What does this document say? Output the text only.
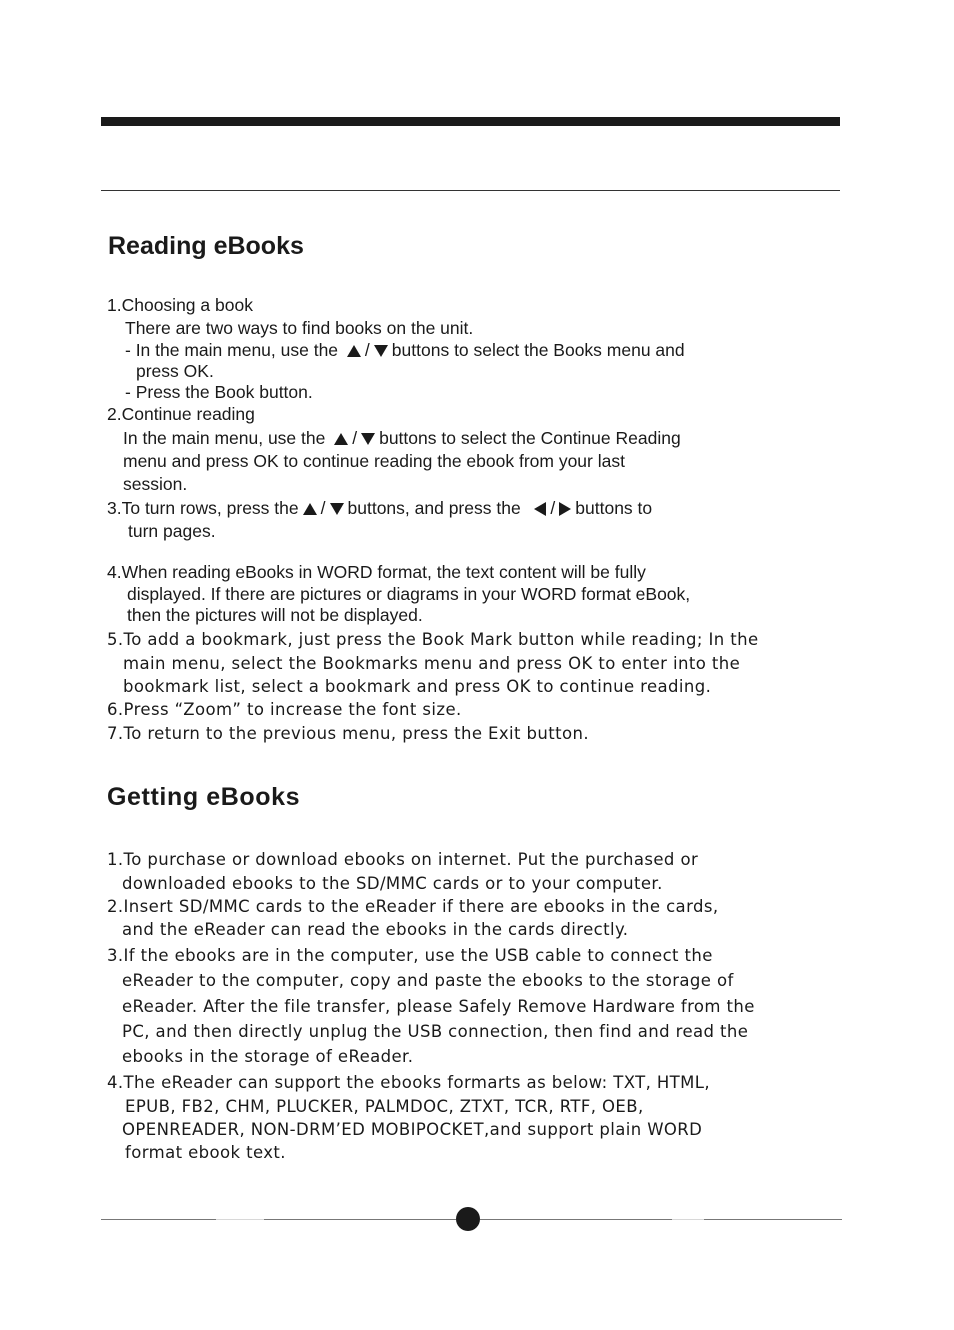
Reading eBooks
1.Choosing a book
There are two ways to find books on the unit.
- In the main menu, use the / buttons to select the Books menu and
press OK.
- Press the Book button.
2.Continue reading
In the main menu, use the / buttons to select the Continue Reading
menu and press OK to continue reading the ebook from your last
session.
3.To turn rows, press the / buttons, and press the / buttons to
turn pages.
4.When reading eBooks in WORD format, the text content will be fully
displayed. If there are pictures or diagrams in your WORD format eBook,
then the pictures will not be displayed.
5.To add a bookmark, just press the Book Mark button while reading; In the
main menu, select the Bookmarks menu and press OK to enter into the
bookmark list, select a bookmark and press OK to continue reading.
6.Press “Zoom” to increase the font size.
7.To return to the previous menu, press the Exit button.
Getting eBooks
1.To purchase or download ebooks on internet. Put the purchased or
downloaded ebooks to the SD/MMC cards or to your computer.
2.Insert SD/MMC cards to the eReader if there are ebooks in the cards,
and the eReader can read the ebooks in the cards directly.
3.If the ebooks are in the computer, use the USB cable to connect the
eReader to the computer, copy and paste the ebooks to the storage of
eReader. After the file transfer, please Safely Remove Hardware from the
PC, and then directly unplug the USB connection, then find and read the
ebooks in the storage of eReader.
4.The eReader can support the ebooks formarts as below: TXT, HTML,
EPUB, FB2, CHM, PLUCKER, PALMDOC, ZTXT, TCR, RTF, OEB,
OPENREADER, NON-DRM’ED MOBIPOCKET,and support plain WORD
format ebook text.
